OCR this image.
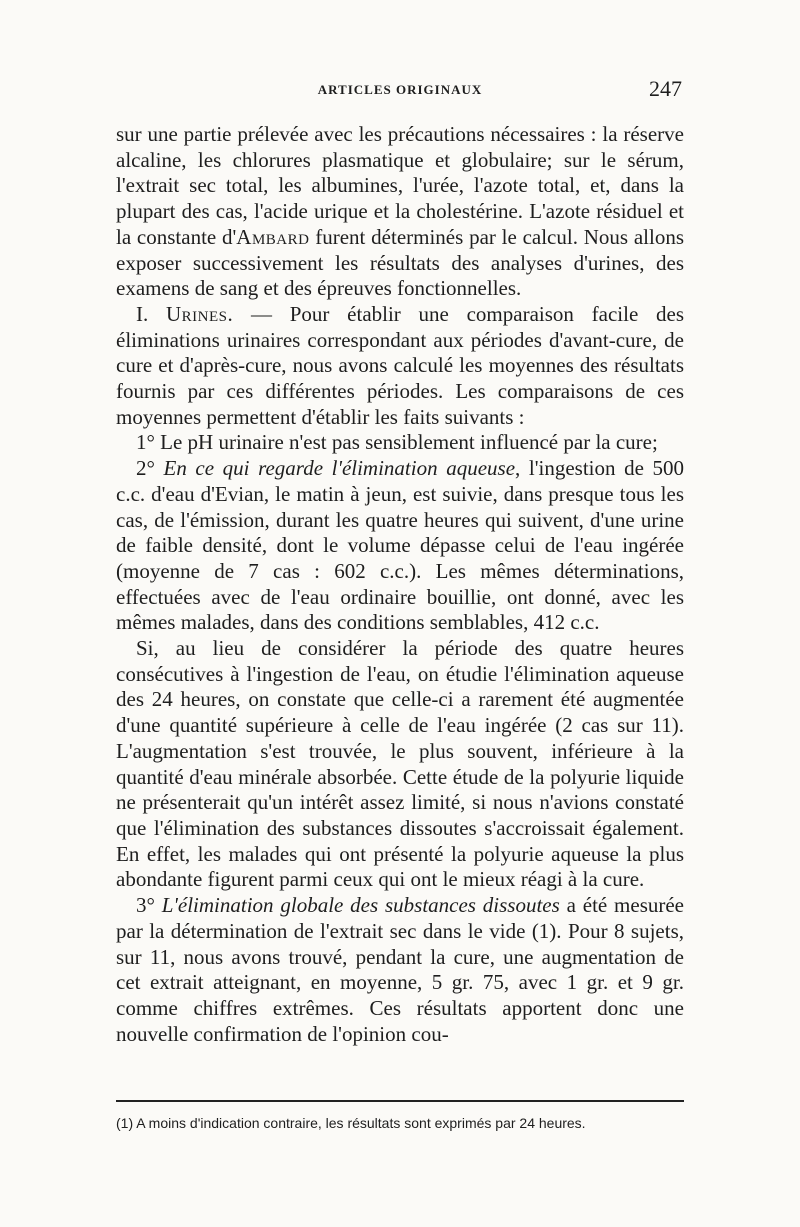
ARTICLES ORIGINAUX	247

sur une partie prélevée avec les précautions nécessaires : la réserve alcaline, les chlorures plasmatique et globulaire; sur le sérum, l'extrait sec total, les albumines, l'urée, l'azote total, et, dans la plupart des cas, l'acide urique et la cholestérine. L'azote résiduel et la constante d'Ambard furent déterminés par le calcul. Nous allons exposer successivement les résultats des analyses d'urines, des examens de sang et des épreuves fonctionnelles.

I. Urines. — Pour établir une comparaison facile des éliminations urinaires correspondant aux périodes d'avant-cure, de cure et d'après-cure, nous avons calculé les moyennes des résultats fournis par ces différentes périodes. Les comparaisons de ces moyennes permettent d'établir les faits suivants :

1° Le pH urinaire n'est pas sensiblement influencé par la cure;

2° En ce qui regarde l'élimination aqueuse, l'ingestion de 500 c.c. d'eau d'Evian, le matin à jeun, est suivie, dans presque tous les cas, de l'émission, durant les quatre heures qui suivent, d'une urine de faible densité, dont le volume dépasse celui de l'eau ingérée (moyenne de 7 cas : 602 c.c.). Les mêmes déterminations, effectuées avec de l'eau ordinaire bouillie, ont donné, avec les mêmes malades, dans des conditions semblables, 412 c.c.

Si, au lieu de considérer la période des quatre heures consécutives à l'ingestion de l'eau, on étudie l'élimination aqueuse des 24 heures, on constate que celle-ci a rarement été augmentée d'une quantité supérieure à celle de l'eau ingérée (2 cas sur 11). L'augmentation s'est trouvée, le plus souvent, inférieure à la quantité d'eau minérale absorbée. Cette étude de la polyurie liquide ne présenterait qu'un intérêt assez limité, si nous n'avions constaté que l'élimination des substances dissoutes s'accroissait également. En effet, les malades qui ont présenté la polyurie aqueuse la plus abondante figurent parmi ceux qui ont le mieux réagi à la cure.

3° L'élimination globale des substances dissoutes a été mesurée par la détermination de l'extrait sec dans le vide (1). Pour 8 sujets, sur 11, nous avons trouvé, pendant la cure, une augmentation de cet extrait atteignant, en moyenne, 5 gr. 75, avec 1 gr. et 9 gr. comme chiffres extrêmes. Ces résultats apportent donc une nouvelle confirmation de l'opinion cou-

(1) A moins d'indication contraire, les résultats sont exprimés par 24 heures.
